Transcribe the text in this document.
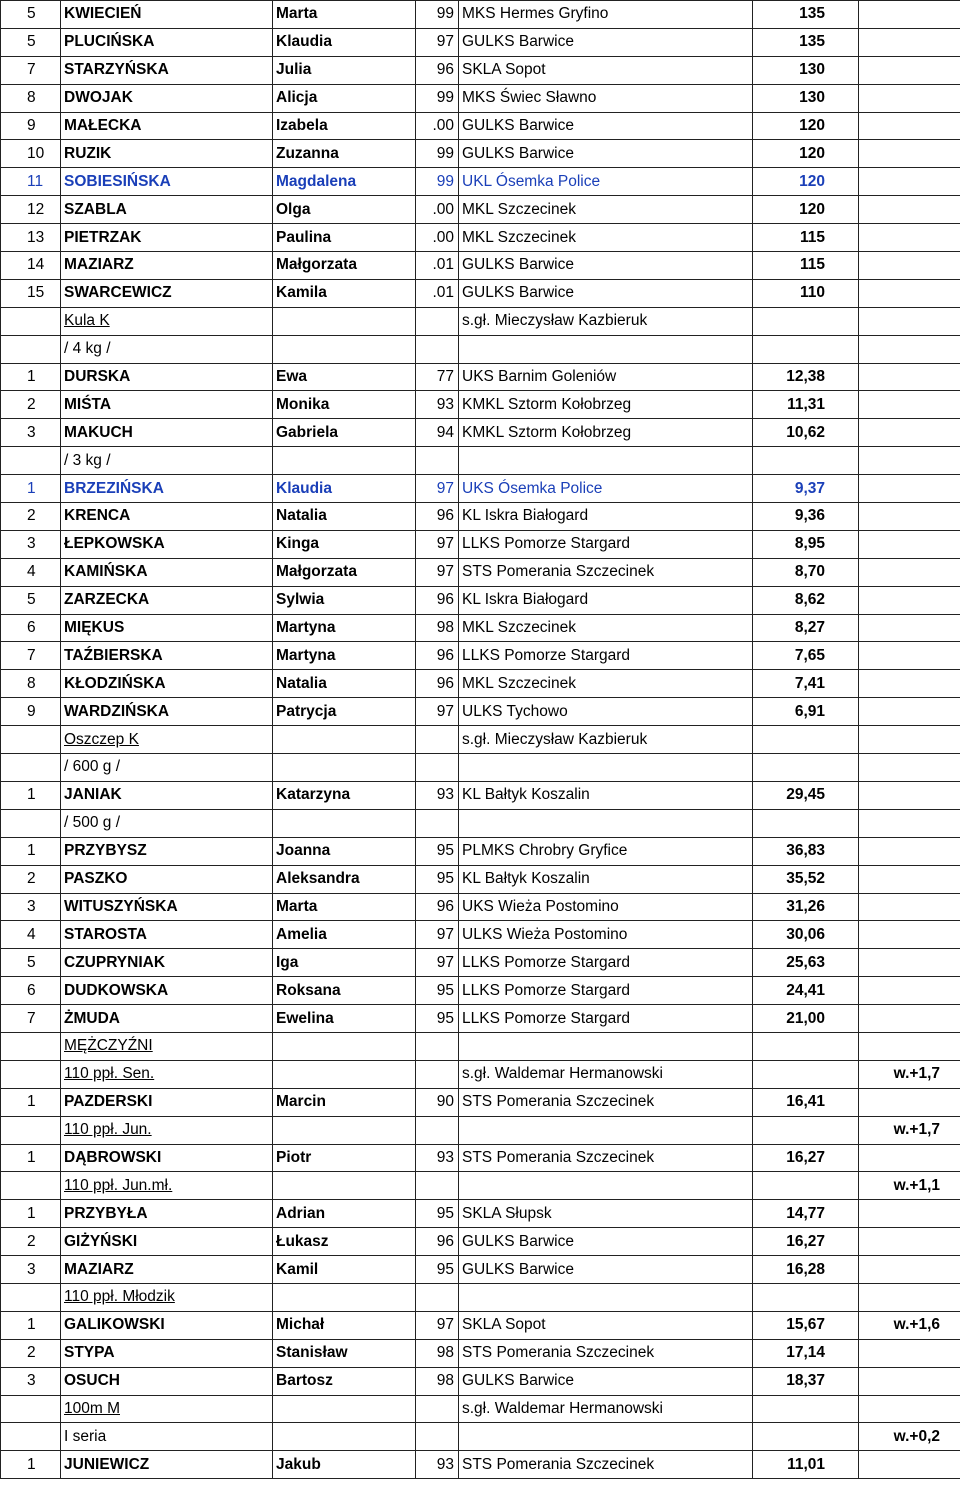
5	KWIECIEŃ	Marta	99	MKS Hermes Gryfino	135	
5	PLUCIŃSKA	Klaudia	97	GULKS Barwice	135	
7	STARZYŃSKA	Julia	96	SKLA Sopot	130	
8	DWOJAK	Alicja	99	MKS Świec Sławno	130	
9	MAŁECKA	Izabela	.00	GULKS Barwice	120	
10	RUZIK	Zuzanna	99	GULKS Barwice	120	
11	SOBIESIŃSKA	Magdalena	99	UKL Ósemka Police	120	
12	SZABLA	Olga	.00	MKL Szczecinek	120	
13	PIETRZAK	Paulina	.00	MKL Szczecinek	115	
14	MAZIARZ	Małgorzata	.01	GULKS Barwice	115	
15	SWARCEWICZ	Kamila	.01	GULKS Barwice	110	
	Kula K			s.gł. Mieczysław Kazbieruk		
	/ 4 kg /					
1	DURSKA	Ewa	77	UKS Barnim Goleniów	12,38	
2	MIŚTA	Monika	93	KMKL Sztorm Kołobrzeg	11,31	
3	MAKUCH	Gabriela	94	KMKL Sztorm Kołobrzeg	10,62	
	/ 3 kg /					
1	BRZEZIŃSKA	Klaudia	97	UKS Ósemka Police	9,37	
2	KRENCA	Natalia	96	KL Iskra Białogard	9,36	
3	ŁEPKOWSKA	Kinga	97	LLKS Pomorze Stargard	8,95	
4	KAMIŃSKA	Małgorzata	97	STS Pomerania Szczecinek	8,70	
5	ZARZECKA	Sylwia	96	KL Iskra Białogard	8,62	
6	MIĘKUS	Martyna	98	MKL Szczecinek	8,27	
7	TAŹBIERSKA	Martyna	96	LLKS Pomorze Stargard	7,65	
8	KŁODZIŃSKA	Natalia	96	MKL Szczecinek	7,41	
9	WARDZIŃSKA	Patrycja	97	ULKS Tychowo	6,91	
	Oszczep K			s.gł. Mieczysław Kazbieruk		
	/ 600 g /					
1	JANIAK	Katarzyna	93	KL Bałtyk Koszalin	29,45	
	/ 500 g /					
1	PRZYBYSZ	Joanna	95	PLMKS Chrobry Gryfice	36,83	
2	PASZKO	Aleksandra	95	KL Bałtyk Koszalin	35,52	
3	WITUSZYŃSKA	Marta	96	UKS Wieża Postomino	31,26	
4	STAROSTA	Amelia	97	ULKS Wieża Postomino	30,06	
5	CZUPRYNIAK	Iga	97	LLKS Pomorze Stargard	25,63	
6	DUDKOWSKA	Roksana	95	LLKS Pomorze Stargard	24,41	
7	ŻMUDA	Ewelina	95	LLKS Pomorze Stargard	21,00	
	MĘŻCZYŹNI					
	110 ppł. Sen.			s.gł. Waldemar Hermanowski		w.+1,7
1	PAZDERSKI	Marcin	90	STS Pomerania Szczecinek	16,41	
	110 ppł. Jun.					w.+1,7
1	DĄBROWSKI	Piotr	93	STS Pomerania Szczecinek	16,27	
	110 ppł. Jun.mł.					w.+1,1
1	PRZYBYŁA	Adrian	95	SKLA Słupsk	14,77	
2	GIŻYŃSKI	Łukasz	96	GULKS Barwice	16,27	
3	MAZIARZ	Kamil	95	GULKS Barwice	16,28	
	110 ppł. Młodzik					
1	GALIKOWSKI	Michał	97	SKLA Sopot	15,67	w.+1,6
2	STYPA	Stanisław	98	STS Pomerania Szczecinek	17,14	
3	OSUCH	Bartosz	98	GULKS Barwice	18,37	
	100m M			s.gł. Waldemar Hermanowski		
	I seria					w.+0,2
1	JUNIEWICZ	Jakub	93	STS Pomerania Szczecinek	11,01	
